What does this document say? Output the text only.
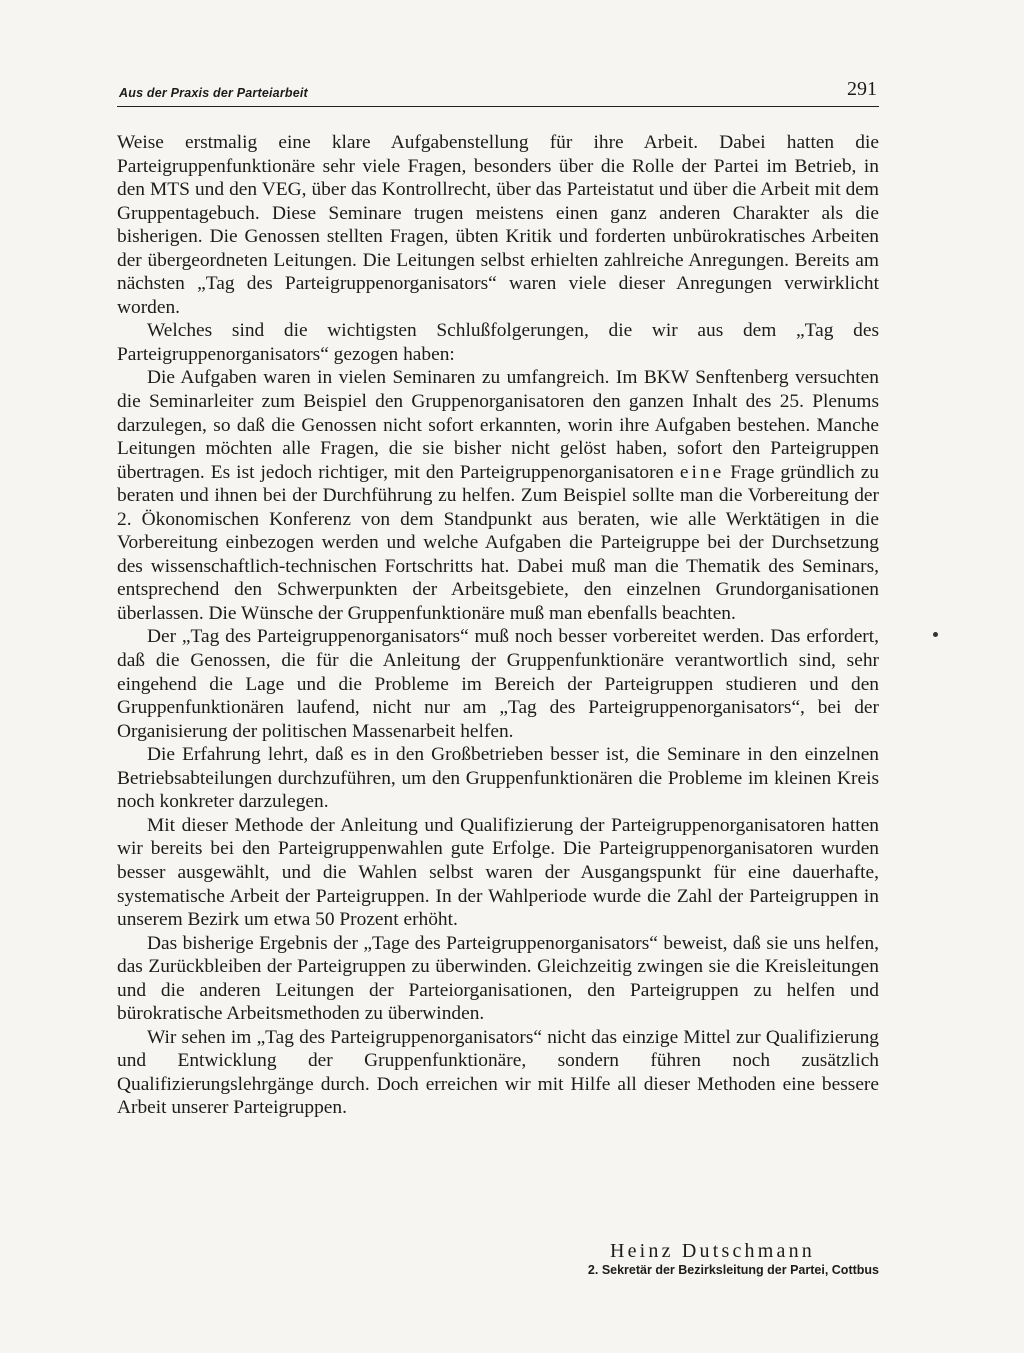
Aus der Praxis der Parteiarbeit	291

Weise erstmalig eine klare Aufgabenstellung für ihre Arbeit. Dabei hatten die Parteigruppenfunktionäre sehr viele Fragen, besonders über die Rolle der Partei im Betrieb, in den MTS und den VEG, über das Kontrollrecht, über das Parteistatut und über die Arbeit mit dem Gruppentagebuch. Diese Seminare trugen meistens einen ganz anderen Charakter als die bisherigen. Die Genossen stellten Fragen, übten Kritik und forderten unbürokratisches Arbeiten der übergeordneten Leitungen. Die Leitungen selbst erhielten zahlreiche Anregungen. Bereits am nächsten „Tag des Parteigruppenorganisators“ waren viele dieser Anregungen verwirklicht worden.

Welches sind die wichtigsten Schlußfolgerungen, die wir aus dem „Tag des Parteigruppenorganisators“ gezogen haben:

Die Aufgaben waren in vielen Seminaren zu umfangreich. Im BKW Senftenberg versuchten die Seminarleiter zum Beispiel den Gruppenorganisatoren den ganzen Inhalt des 25. Plenums darzulegen, so daß die Genossen nicht sofort erkannten, worin ihre Aufgaben bestehen. Manche Leitungen möchten alle Fragen, die sie bisher nicht gelöst haben, sofort den Parteigruppen übertragen. Es ist jedoch richtiger, mit den Parteigruppenorganisatoren eine Frage gründlich zu beraten und ihnen bei der Durchführung zu helfen. Zum Beispiel sollte man die Vorbereitung der 2. Ökonomischen Konferenz von dem Standpunkt aus beraten, wie alle Werktätigen in die Vorbereitung einbezogen werden und welche Aufgaben die Parteigruppe bei der Durchsetzung des wissenschaftlich-technischen Fortschritts hat. Dabei muß man die Thematik des Seminars, entsprechend den Schwerpunkten der Arbeitsgebiete, den einzelnen Grundorganisationen überlassen. Die Wünsche der Gruppenfunktionäre muß man ebenfalls beachten.

Der „Tag des Parteigruppenorganisators“ muß noch besser vorbereitet werden. Das erfordert, daß die Genossen, die für die Anleitung der Gruppenfunktionäre verantwortlich sind, sehr eingehend die Lage und die Probleme im Bereich der Parteigruppen studieren und den Gruppenfunktionären laufend, nicht nur am „Tag des Parteigruppenorganisators“, bei der Organisierung der politischen Massenarbeit helfen.

Die Erfahrung lehrt, daß es in den Großbetrieben besser ist, die Seminare in den einzelnen Betriebsabteilungen durchzuführen, um den Gruppenfunktionären die Probleme im kleinen Kreis noch konkreter darzulegen.

Mit dieser Methode der Anleitung und Qualifizierung der Parteigruppenorganisatoren hatten wir bereits bei den Parteigruppenwahlen gute Erfolge. Die Parteigruppenorganisatoren wurden besser ausgewählt, und die Wahlen selbst waren der Ausgangspunkt für eine dauerhafte, systematische Arbeit der Parteigruppen. In der Wahlperiode wurde die Zahl der Parteigruppen in unserem Bezirk um etwa 50 Prozent erhöht.

Das bisherige Ergebnis der „Tage des Parteigruppenorganisators“ beweist, daß sie uns helfen, das Zurückbleiben der Parteigruppen zu überwinden. Gleichzeitig zwingen sie die Kreisleitungen und die anderen Leitungen der Parteiorganisationen, den Parteigruppen zu helfen und bürokratische Arbeitsmethoden zu überwinden.

Wir sehen im „Tag des Parteigruppenorganisators“ nicht das einzige Mittel zur Qualifizierung und Entwicklung der Gruppenfunktionäre, sondern führen noch zusätzlich Qualifizierungslehrgänge durch. Doch erreichen wir mit Hilfe all dieser Methoden eine bessere Arbeit unserer Parteigruppen.

Heinz Dutschmann
2. Sekretär der Bezirksleitung der Partei, Cottbus
